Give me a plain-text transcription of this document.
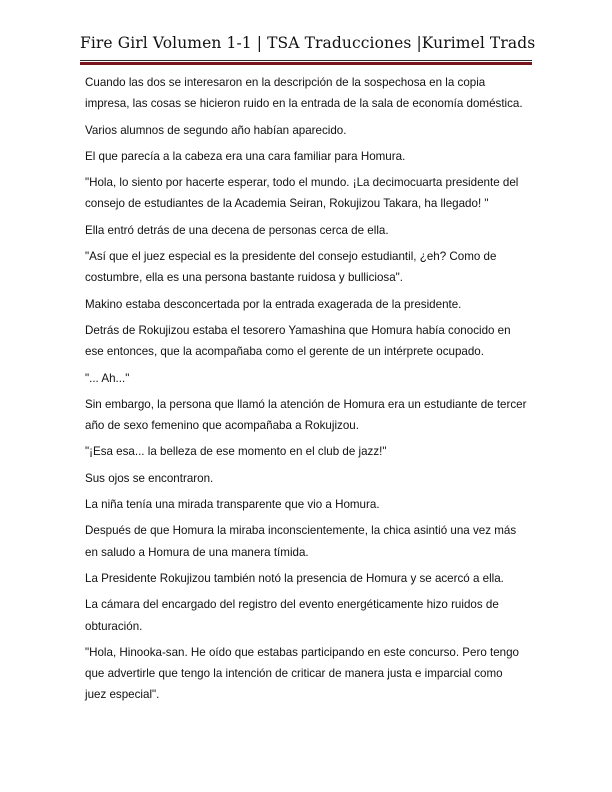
Fire Girl Volumen 1-1 | TSA Traducciones |Kurimel Trads

Cuando las dos se interesaron en la descripción de la sospechosa en la copia impresa, las cosas se hicieron ruido en la entrada de la sala de economía doméstica.

Varios alumnos de segundo año habían aparecido.

El que parecía a la cabeza era una cara familiar para Homura.

"Hola, lo siento por hacerte esperar, todo el mundo. ¡La decimocuarta presidente del consejo de estudiantes de la Academia Seiran, Rokujizou Takara, ha llegado! "

Ella entró detrás de una decena de personas cerca de ella.

"Así que el juez especial es la presidente del consejo estudiantil, ¿eh? Como de costumbre, ella es una persona bastante ruidosa y bulliciosa".

Makino estaba desconcertada por la entrada exagerada de la presidente.

Detrás de Rokujizou estaba el tesorero Yamashina que Homura había conocido en ese entonces, que la acompañaba como el gerente de un intérprete ocupado.

"... Ah..."

Sin embargo, la persona que llamó la atención de Homura era un estudiante de tercer año de sexo femenino que acompañaba a Rokujizou.

"¡Esa esa... la belleza de ese momento en el club de jazz!"

Sus ojos se encontraron.

La niña tenía una mirada transparente que vio a Homura.

Después de que Homura la miraba inconscientemente, la chica asintió una vez más en saludo a Homura de una manera tímida.

La Presidente Rokujizou también notó la presencia de Homura y se acercó a ella.

La cámara del encargado del registro del evento energéticamente hizo ruidos de obturación.

"Hola, Hinooka-san. He oído que estabas participando en este concurso. Pero tengo que advertirle que tengo la intención de criticar de manera justa e imparcial como juez especial".
